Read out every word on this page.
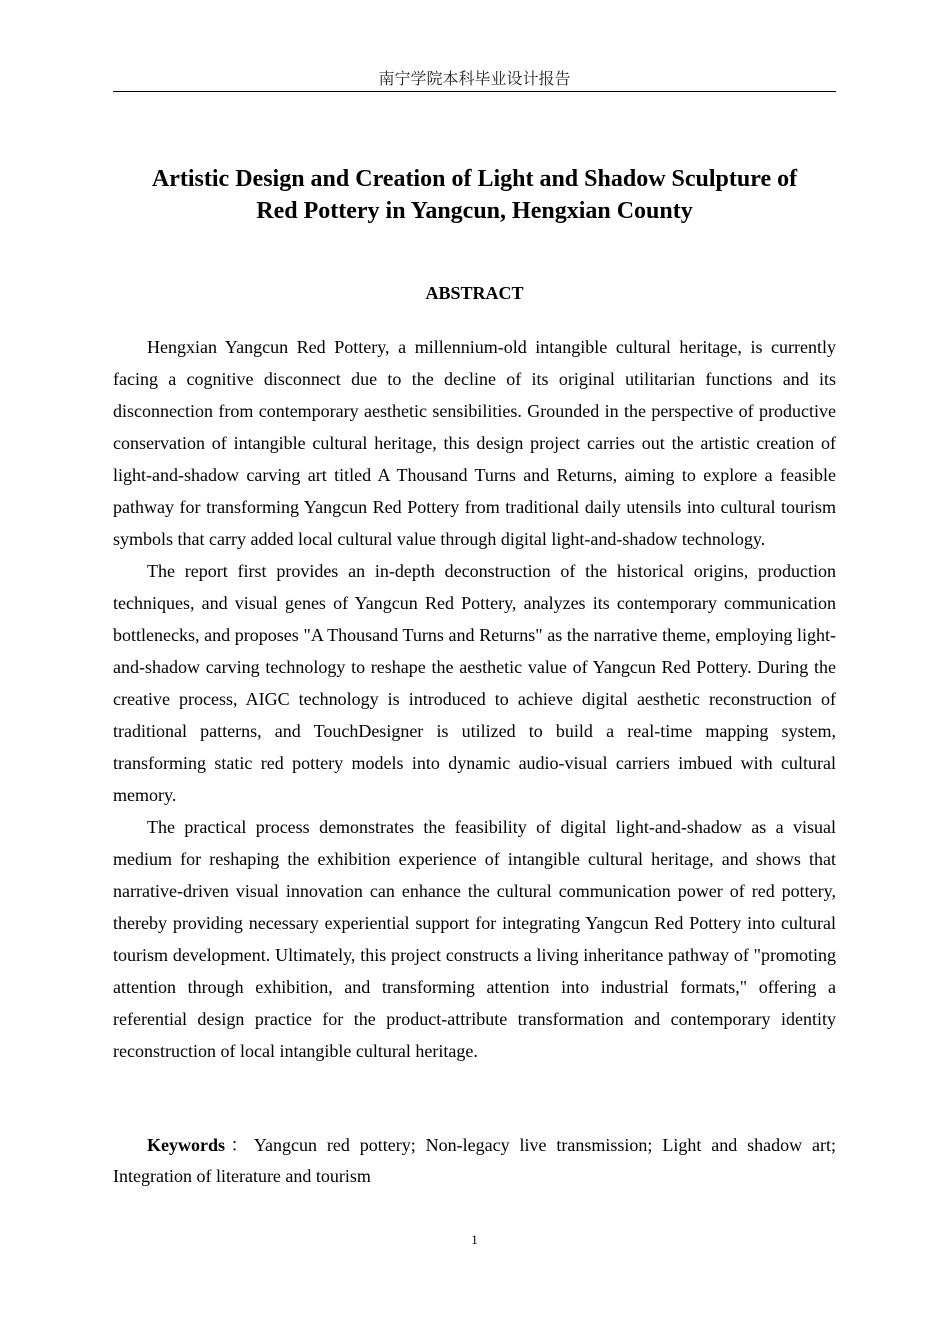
南宁学院本科毕业设计报告
Artistic Design and Creation of Light and Shadow Sculpture of
Red Pottery in Yangcun, Hengxian County
ABSTRACT

Hengxian Yangcun Red Pottery, a millennium-old intangible cultural heritage, is currently facing a cognitive disconnect due to the decline of its original utilitarian functions and its disconnection from contemporary aesthetic sensibilities. Grounded in the perspective of productive conservation of intangible cultural heritage, this design project carries out the artistic creation of light-and-shadow carving art titled A Thousand Turns and Returns, aiming to explore a feasible pathway for transforming Yangcun Red Pottery from traditional daily utensils into cultural tourism symbols that carry added local cultural value through digital light-and-shadow technology.

The report first provides an in-depth deconstruction of the historical origins, production techniques, and visual genes of Yangcun Red Pottery, analyzes its contemporary communication bottlenecks, and proposes "A Thousand Turns and Returns" as the narrative theme, employing light-and-shadow carving technology to reshape the aesthetic value of Yangcun Red Pottery. During the creative process, AIGC technology is introduced to achieve digital aesthetic reconstruction of traditional patterns, and TouchDesigner is utilized to build a real-time mapping system, transforming static red pottery models into dynamic audio-visual carriers imbued with cultural memory.

The practical process demonstrates the feasibility of digital light-and-shadow as a visual medium for reshaping the exhibition experience of intangible cultural heritage, and shows that narrative-driven visual innovation can enhance the cultural communication power of red pottery, thereby providing necessary experiential support for integrating Yangcun Red Pottery into cultural tourism development. Ultimately, this project constructs a living inheritance pathway of "promoting attention through exhibition, and transforming attention into industrial formats," offering a referential design practice for the product-attribute transformation and contemporary identity reconstruction of local intangible cultural heritage.

Keywords：Yangcun red pottery; Non-legacy live transmission; Light and shadow art; Integration of literature and tourism

1
